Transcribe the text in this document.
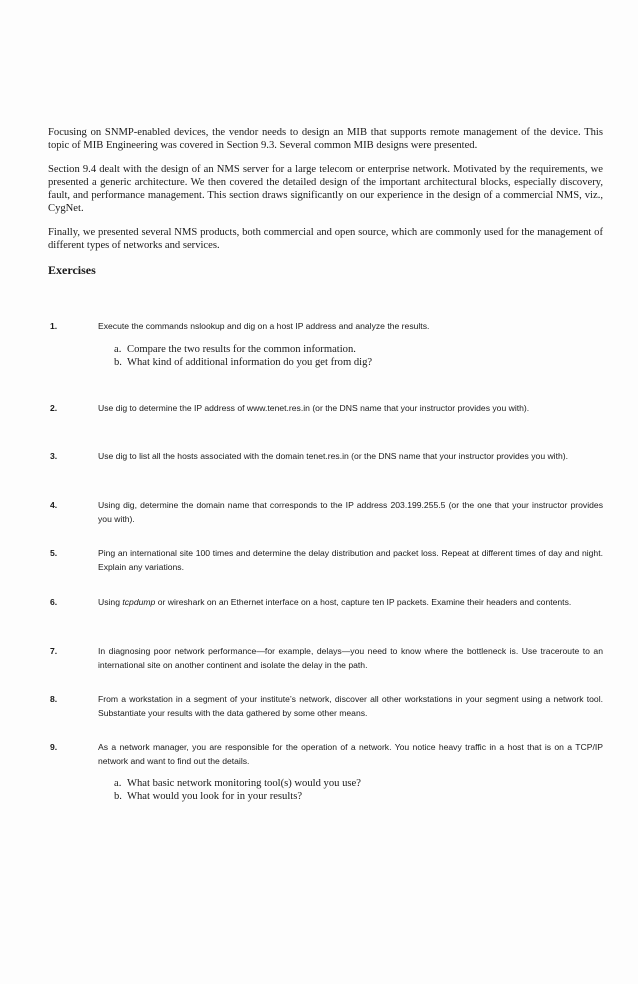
Focusing on SNMP-enabled devices, the vendor needs to design an MIB that supports remote management of the device. This topic of MIB Engineering was covered in Section 9.3. Several common MIB designs were presented.

Section 9.4 dealt with the design of an NMS server for a large telecom or enterprise network. Motivated by the requirements, we presented a generic architecture. We then covered the detailed design of the important architectural blocks, especially discovery, fault, and performance management. This section draws significantly on our experience in the design of a commercial NMS, viz., CygNet.

Finally, we presented several NMS products, both commercial and open source, which are commonly used for the management of different types of networks and services.

Exercises
1.	Execute the commands nslookup and dig on a host IP address and analyze the results.
a. Compare the two results for the common information.
b. What kind of additional information do you get from dig?
2.	Use dig to determine the IP address of www.tenet.res.in (or the DNS name that your instructor provides you with).
3.	Use dig to list all the hosts associated with the domain tenet.res.in (or the DNS name that your instructor provides you with).
4.	Using dig, determine the domain name that corresponds to the IP address 203.199.255.5 (or the one that your instructor provides you with).
5.	Ping an international site 100 times and determine the delay distribution and packet loss. Repeat at different times of day and night. Explain any variations.
6.	Using tcpdump or wireshark on an Ethernet interface on a host, capture ten IP packets. Examine their headers and contents.
7.	In diagnosing poor network performance—for example, delays—you need to know where the bottleneck is. Use traceroute to an international site on another continent and isolate the delay in the path.
8.	From a workstation in a segment of your institute’s network, discover all other workstations in your segment using a network tool. Substantiate your results with the data gathered by some other means.
9.	As a network manager, you are responsible for the operation of a network. You notice heavy traffic in a host that is on a TCP/IP network and want to find out the details.
a. What basic network monitoring tool(s) would you use?
b. What would you look for in your results?
